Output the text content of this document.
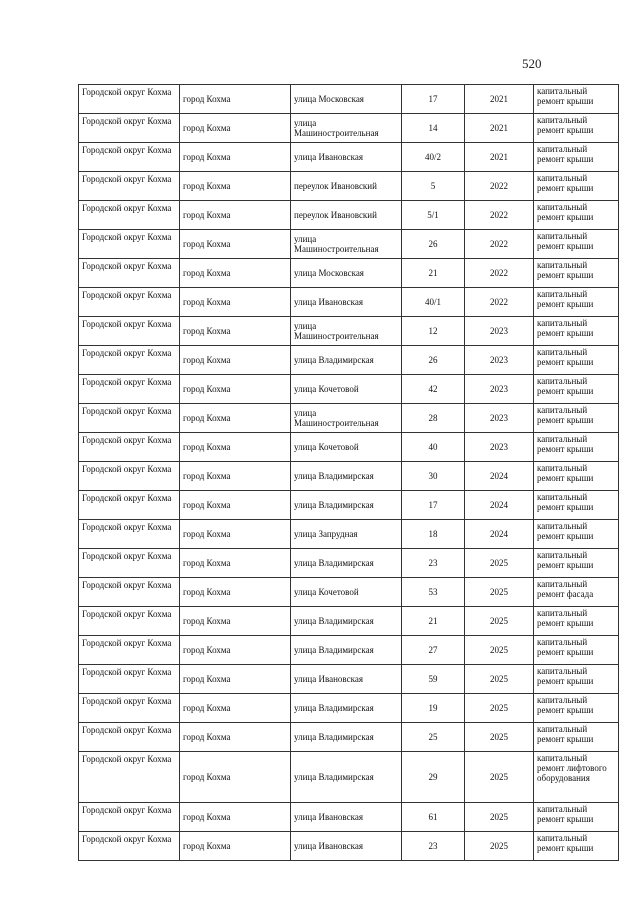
520
Городской округ Кохма	город Кохма	улица Московская	17	2021	капитальный ремонт крыши
Городской округ Кохма	город Кохма	улица Машиностроительная	14	2021	капитальный ремонт крыши
Городской округ Кохма	город Кохма	улица Ивановская	40/2	2021	капитальный ремонт крыши
Городской округ Кохма	город Кохма	переулок Ивановский	5	2022	капитальный ремонт крыши
Городской округ Кохма	город Кохма	переулок Ивановский	5/1	2022	капитальный ремонт крыши
Городской округ Кохма	город Кохма	улица Машиностроительная	26	2022	капитальный ремонт крыши
Городской округ Кохма	город Кохма	улица Московская	21	2022	капитальный ремонт крыши
Городской округ Кохма	город Кохма	улица Ивановская	40/1	2022	капитальный ремонт крыши
Городской округ Кохма	город Кохма	улица Машиностроительная	12	2023	капитальный ремонт крыши
Городской округ Кохма	город Кохма	улица Владимирская	26	2023	капитальный ремонт крыши
Городской округ Кохма	город Кохма	улица Кочетовой	42	2023	капитальный ремонт крыши
Городской округ Кохма	город Кохма	улица Машиностроительная	28	2023	капитальный ремонт крыши
Городской округ Кохма	город Кохма	улица Кочетовой	40	2023	капитальный ремонт крыши
Городской округ Кохма	город Кохма	улица Владимирская	30	2024	капитальный ремонт крыши
Городской округ Кохма	город Кохма	улица Владимирская	17	2024	капитальный ремонт крыши
Городской округ Кохма	город Кохма	улица Запрудная	18	2024	капитальный ремонт крыши
Городской округ Кохма	город Кохма	улица Владимирская	23	2025	капитальный ремонт крыши
Городской округ Кохма	город Кохма	улица Кочетовой	53	2025	капитальный ремонт фасада
Городской округ Кохма	город Кохма	улица Владимирская	21	2025	капитальный ремонт крыши
Городской округ Кохма	город Кохма	улица Владимирская	27	2025	капитальный ремонт крыши
Городской округ Кохма	город Кохма	улица Ивановская	59	2025	капитальный ремонт крыши
Городской округ Кохма	город Кохма	улица Владимирская	19	2025	капитальный ремонт крыши
Городской округ Кохма	город Кохма	улица Владимирская	25	2025	капитальный ремонт крыши
Городской округ Кохма	город Кохма	улица Владимирская	29	2025	капитальный ремонт лифтового оборудования
Городской округ Кохма	город Кохма	улица Ивановская	61	2025	капитальный ремонт крыши
Городской округ Кохма	город Кохма	улица Ивановская	23	2025	капитальный ремонт крыши
